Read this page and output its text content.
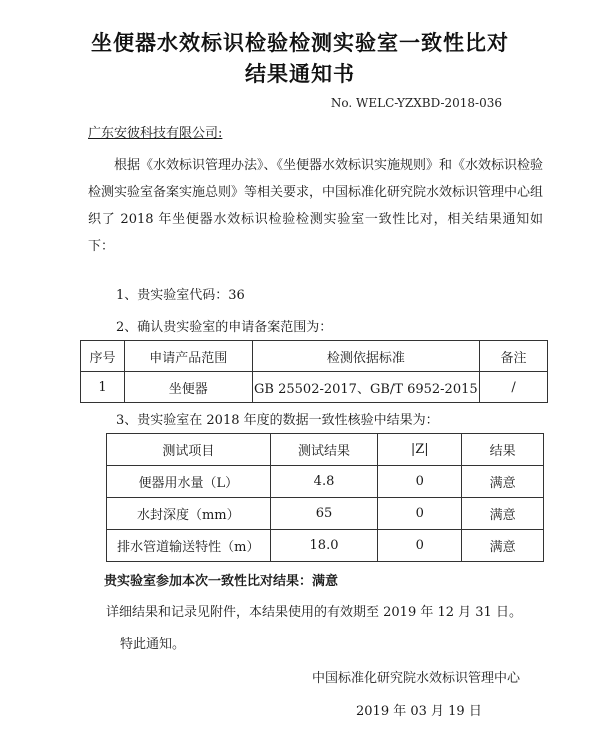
坐便器水效标识检验检测实验室一致性比对
结果通知书
No. WELC-YZXBD-2018-036
广东安彼科技有限公司:

根据《水效标识管理办法》、《坐便器水效标识实施规则》和《水效标识检验检测实验室备案实施总则》等相关要求，中国标准化研究院水效标识管理中心组织了 2018 年坐便器水效标识检验检测实验室一致性比对，相关结果通知如下：

1、贵实验室代码：36
2、确认贵实验室的申请备案范围为：
序号	申请产品范围	检测依据标准	备注
1	坐便器	GB 25502-2017、GB/T 6952-2015	/
3、贵实验室在 2018 年度的数据一致性核验中结果为：
测试项目	测试结果	|Z|	结果
便器用水量（L）	4.8	0	满意
水封深度（mm）	65	0	满意
排水管道输送特性（m）	18.0	0	满意
贵实验室参加本次一致性比对结果：满意
详细结果和记录见附件，本结果使用的有效期至 2019 年 12 月 31 日。
特此通知。
中国标准化研究院水效标识管理中心
2019 年 03 月 19 日
